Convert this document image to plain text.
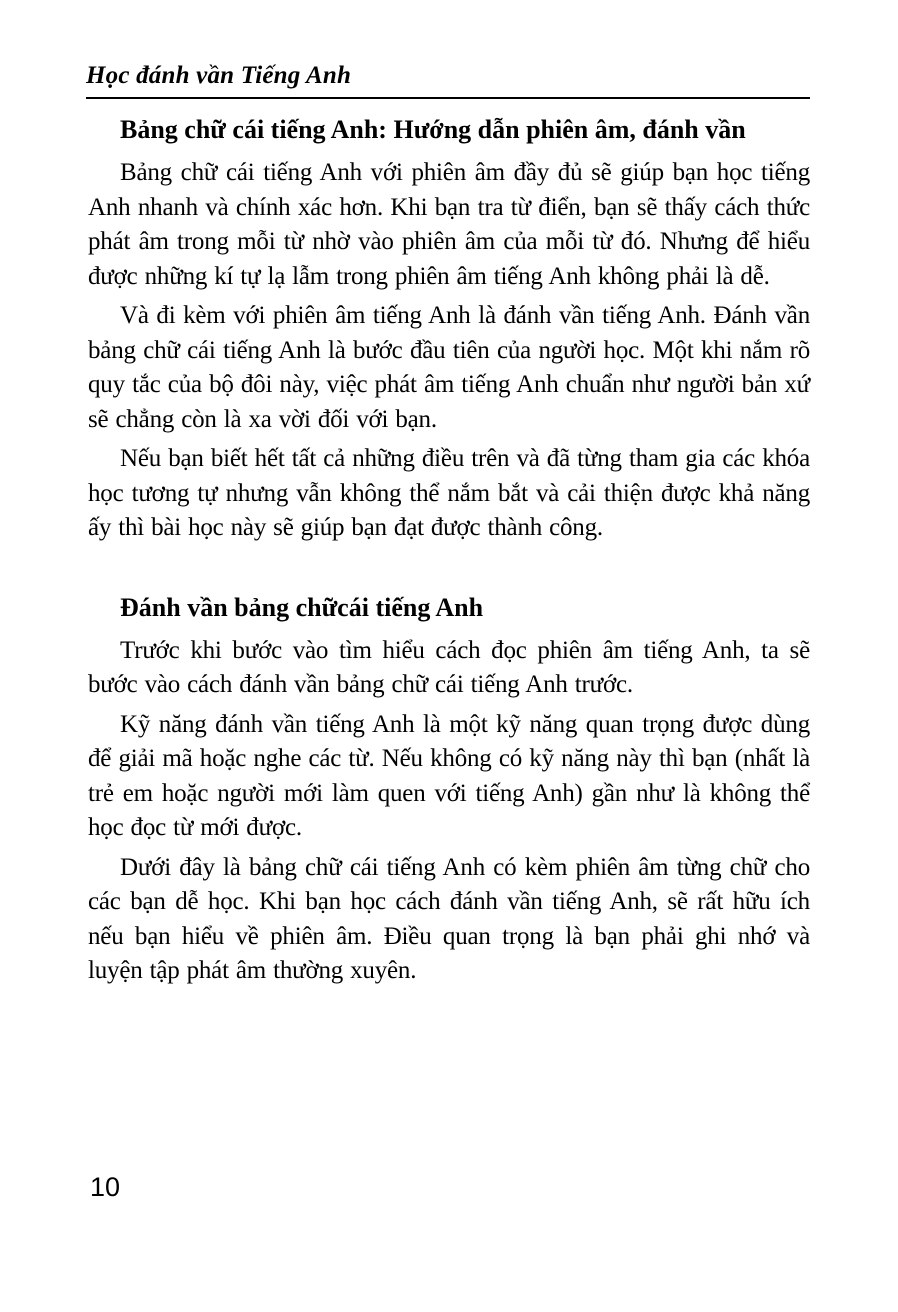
Học đánh vần Tiếng Anh
Bảng chữ cái tiếng Anh: Hướng dẫn phiên âm, đánh vần

Bảng chữ cái tiếng Anh với phiên âm đầy đủ sẽ giúp bạn học tiếng Anh nhanh và chính xác hơn. Khi bạn tra từ điển, bạn sẽ thấy cách thức phát âm trong mỗi từ nhờ vào phiên âm của mỗi từ đó. Nhưng để hiểu được những kí tự lạ lẫm trong phiên âm tiếng Anh không phải là dễ.

Và đi kèm với phiên âm tiếng Anh là đánh vần tiếng Anh. Đánh vần bảng chữ cái tiếng Anh là bước đầu tiên của người học. Một khi nắm rõ quy tắc của bộ đôi này, việc phát âm tiếng Anh chuẩn như người bản xứ sẽ chẳng còn là xa vời đối với bạn.

Nếu bạn biết hết tất cả những điều trên và đã từng tham gia các khóa học tương tự nhưng vẫn không thể nắm bắt và cải thiện được khả năng ấy thì bài học này sẽ giúp bạn đạt được thành công.

Đánh vần bảng chữcái tiếng Anh

Trước khi bước vào tìm hiểu cách đọc phiên âm tiếng Anh, ta sẽ bước vào cách đánh vần bảng chữ cái tiếng Anh trước.

Kỹ năng đánh vần tiếng Anh là một kỹ năng quan trọng được dùng để giải mã hoặc nghe các từ. Nếu không có kỹ năng này thì bạn (nhất là trẻ em hoặc người mới làm quen với tiếng Anh) gần như là không thể học đọc từ mới được.

Dưới đây là bảng chữ cái tiếng Anh có kèm phiên âm từng chữ cho các bạn dễ học. Khi bạn học cách đánh vần tiếng Anh, sẽ rất hữu ích nếu bạn hiểu về phiên âm. Điều quan trọng là bạn phải ghi nhớ và luyện tập phát âm thường xuyên.

10
